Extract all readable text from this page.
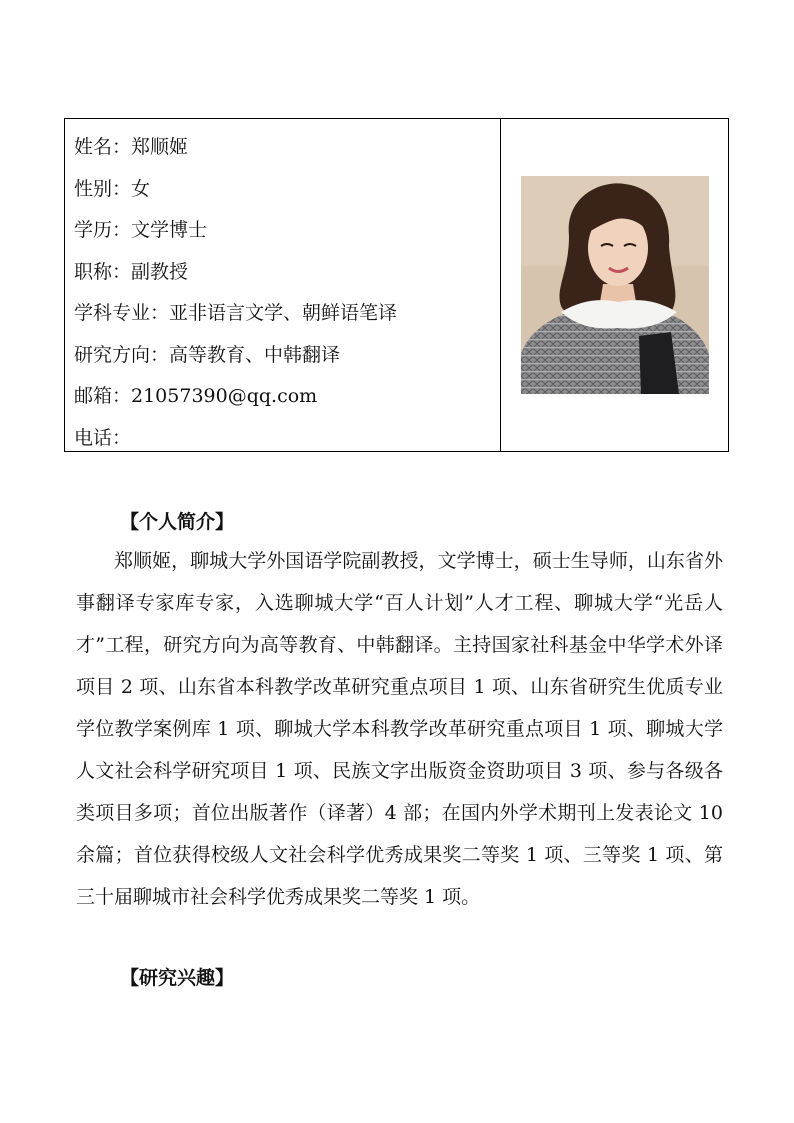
姓名：郑顺姬
性别：女
学历：文学博士
职称：副教授
学科专业：亚非语言文学、朝鲜语笔译
研究方向：高等教育、中韩翻译
邮箱：21057390@qq.com
电话：
【个人简介】

郑顺姬，聊城大学外国语学院副教授，文学博士，硕士生导师，山东省外事翻译专家库专家，入选聊城大学“百人计划”人才工程、聊城大学“光岳人才”工程，研究方向为高等教育、中韩翻译。主持国家社科基金中华学术外译项目 2 项、山东省本科教学改革研究重点项目 1 项、山东省研究生优质专业学位教学案例库 1 项、聊城大学本科教学改革研究重点项目 1 项、聊城大学人文社会科学研究项目 1 项、民族文字出版资金资助项目 3 项、参与各级各类项目多项；首位出版著作（译著）4 部；在国内外学术期刊上发表论文 10 余篇；首位获得校级人文社会科学优秀成果奖二等奖 1 项、三等奖 1 项、第三十届聊城市社会科学优秀成果奖二等奖 1 项。

【研究兴趣】
